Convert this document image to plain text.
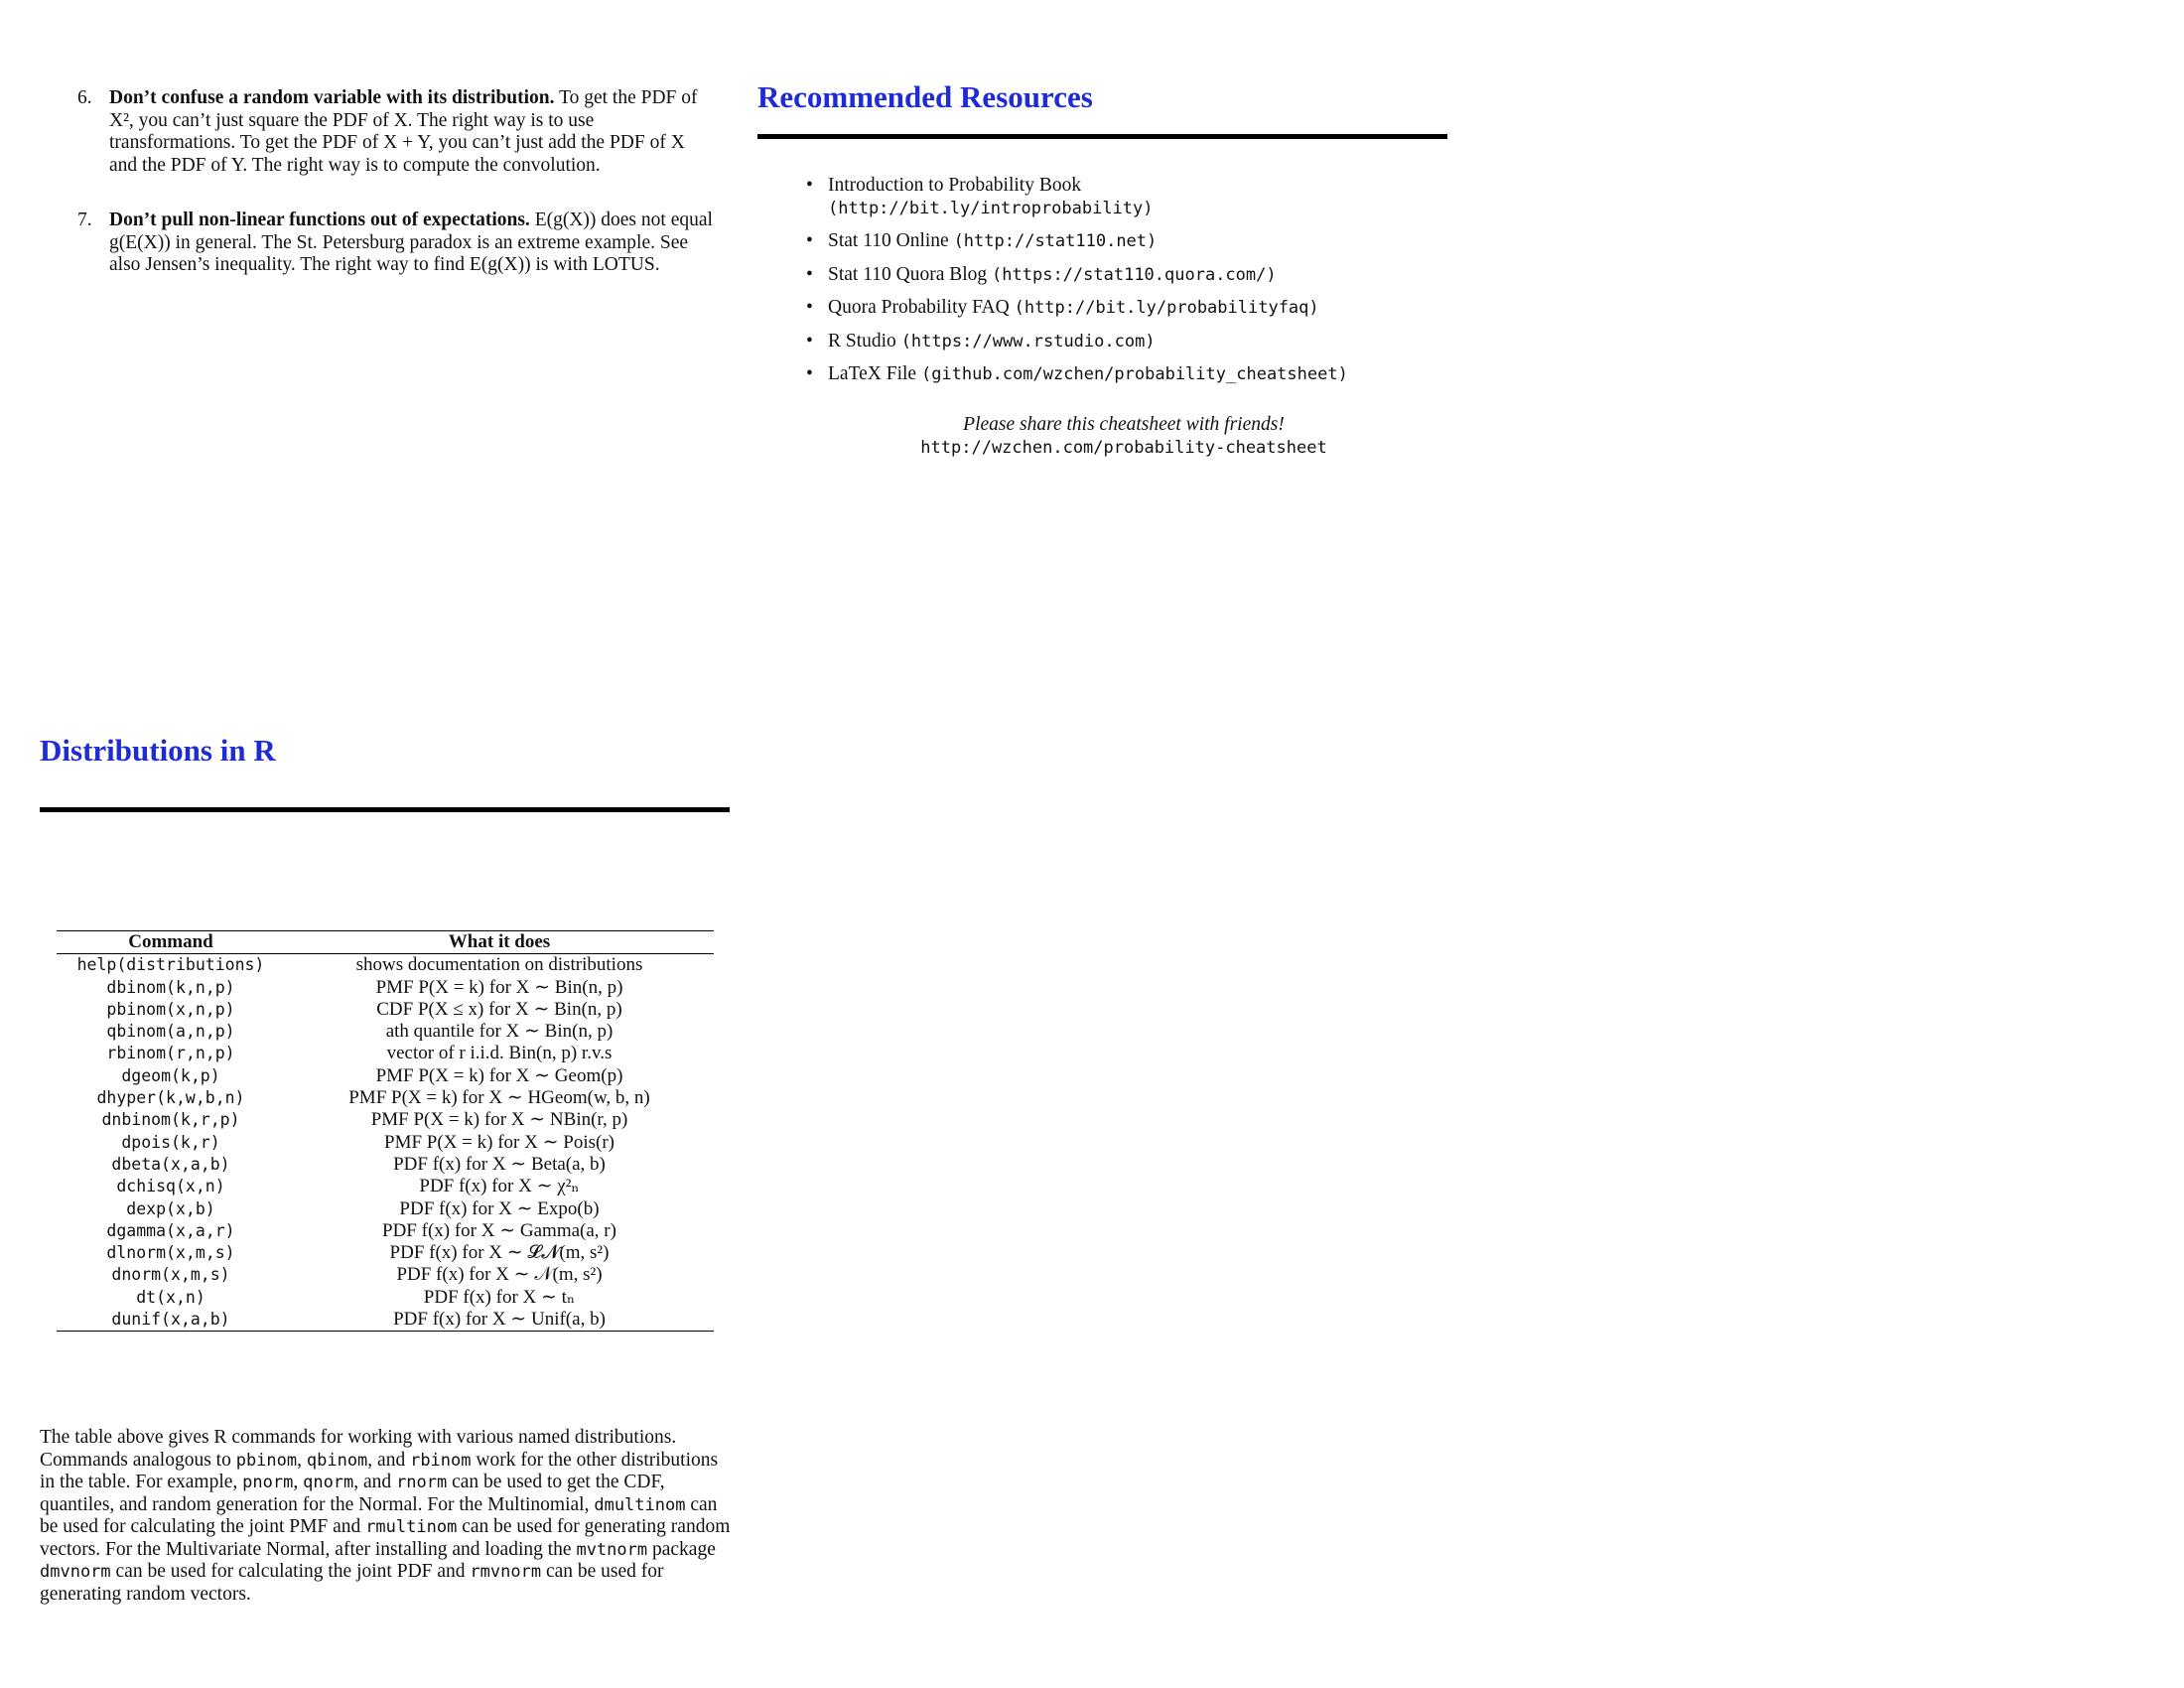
6. Don’t confuse a random variable with its distribution. To get the PDF of X², you can’t just square the PDF of X. The right way is to use transformations. To get the PDF of X + Y, you can’t just add the PDF of X and the PDF of Y. The right way is to compute the convolution.
7. Don’t pull non-linear functions out of expectations. E(g(X)) does not equal g(E(X)) in general. The St. Petersburg paradox is an extreme example. See also Jensen’s inequality. The right way to find E(g(X)) is with LOTUS.
Recommended Resources
• Introduction to Probability Book
(http://bit.ly/introprobability)
• Stat 110 Online (http://stat110.net)
• Stat 110 Quora Blog (https://stat110.quora.com/)
• Quora Probability FAQ (http://bit.ly/probabilityfaq)
• R Studio (https://www.rstudio.com)
• LaTeX File (github.com/wzchen/probability_cheatsheet)
Please share this cheatsheet with friends!
http://wzchen.com/probability-cheatsheet
Distributions in R
Command	What it does
help(distributions)	shows documentation on distributions
dbinom(k,n,p)	PMF P(X = k) for X ∼ Bin(n, p)
pbinom(x,n,p)	CDF P(X ≤ x) for X ∼ Bin(n, p)
qbinom(a,n,p)	ath quantile for X ∼ Bin(n, p)
rbinom(r,n,p)	vector of r i.i.d. Bin(n, p) r.v.s
dgeom(k,p)	PMF P(X = k) for X ∼ Geom(p)
dhyper(k,w,b,n)	PMF P(X = k) for X ∼ HGeom(w, b, n)
dnbinom(k,r,p)	PMF P(X = k) for X ∼ NBin(r, p)
dpois(k,r)	PMF P(X = k) for X ∼ Pois(r)
dbeta(x,a,b)	PDF f(x) for X ∼ Beta(a, b)
dchisq(x,n)	PDF f(x) for X ∼ χ²ₙ
dexp(x,b)	PDF f(x) for X ∼ Expo(b)
dgamma(x,a,r)	PDF f(x) for X ∼ Gamma(a, r)
dlnorm(x,m,s)	PDF f(x) for X ∼ 𝓛𝓝(m, s²)
dnorm(x,m,s)	PDF f(x) for X ∼ 𝒩(m, s²)
dt(x,n)	PDF f(x) for X ∼ tₙ
dunif(x,a,b)	PDF f(x) for X ∼ Unif(a, b)
The table above gives R commands for working with various named distributions. Commands analogous to pbinom, qbinom, and rbinom work for the other distributions in the table. For example, pnorm, qnorm, and rnorm can be used to get the CDF, quantiles, and random generation for the Normal. For the Multinomial, dmultinom can be used for calculating the joint PMF and rmultinom can be used for generating random vectors. For the Multivariate Normal, after installing and loading the mvtnorm package dmvnorm can be used for calculating the joint PDF and rmvnorm can be used for generating random vectors.
